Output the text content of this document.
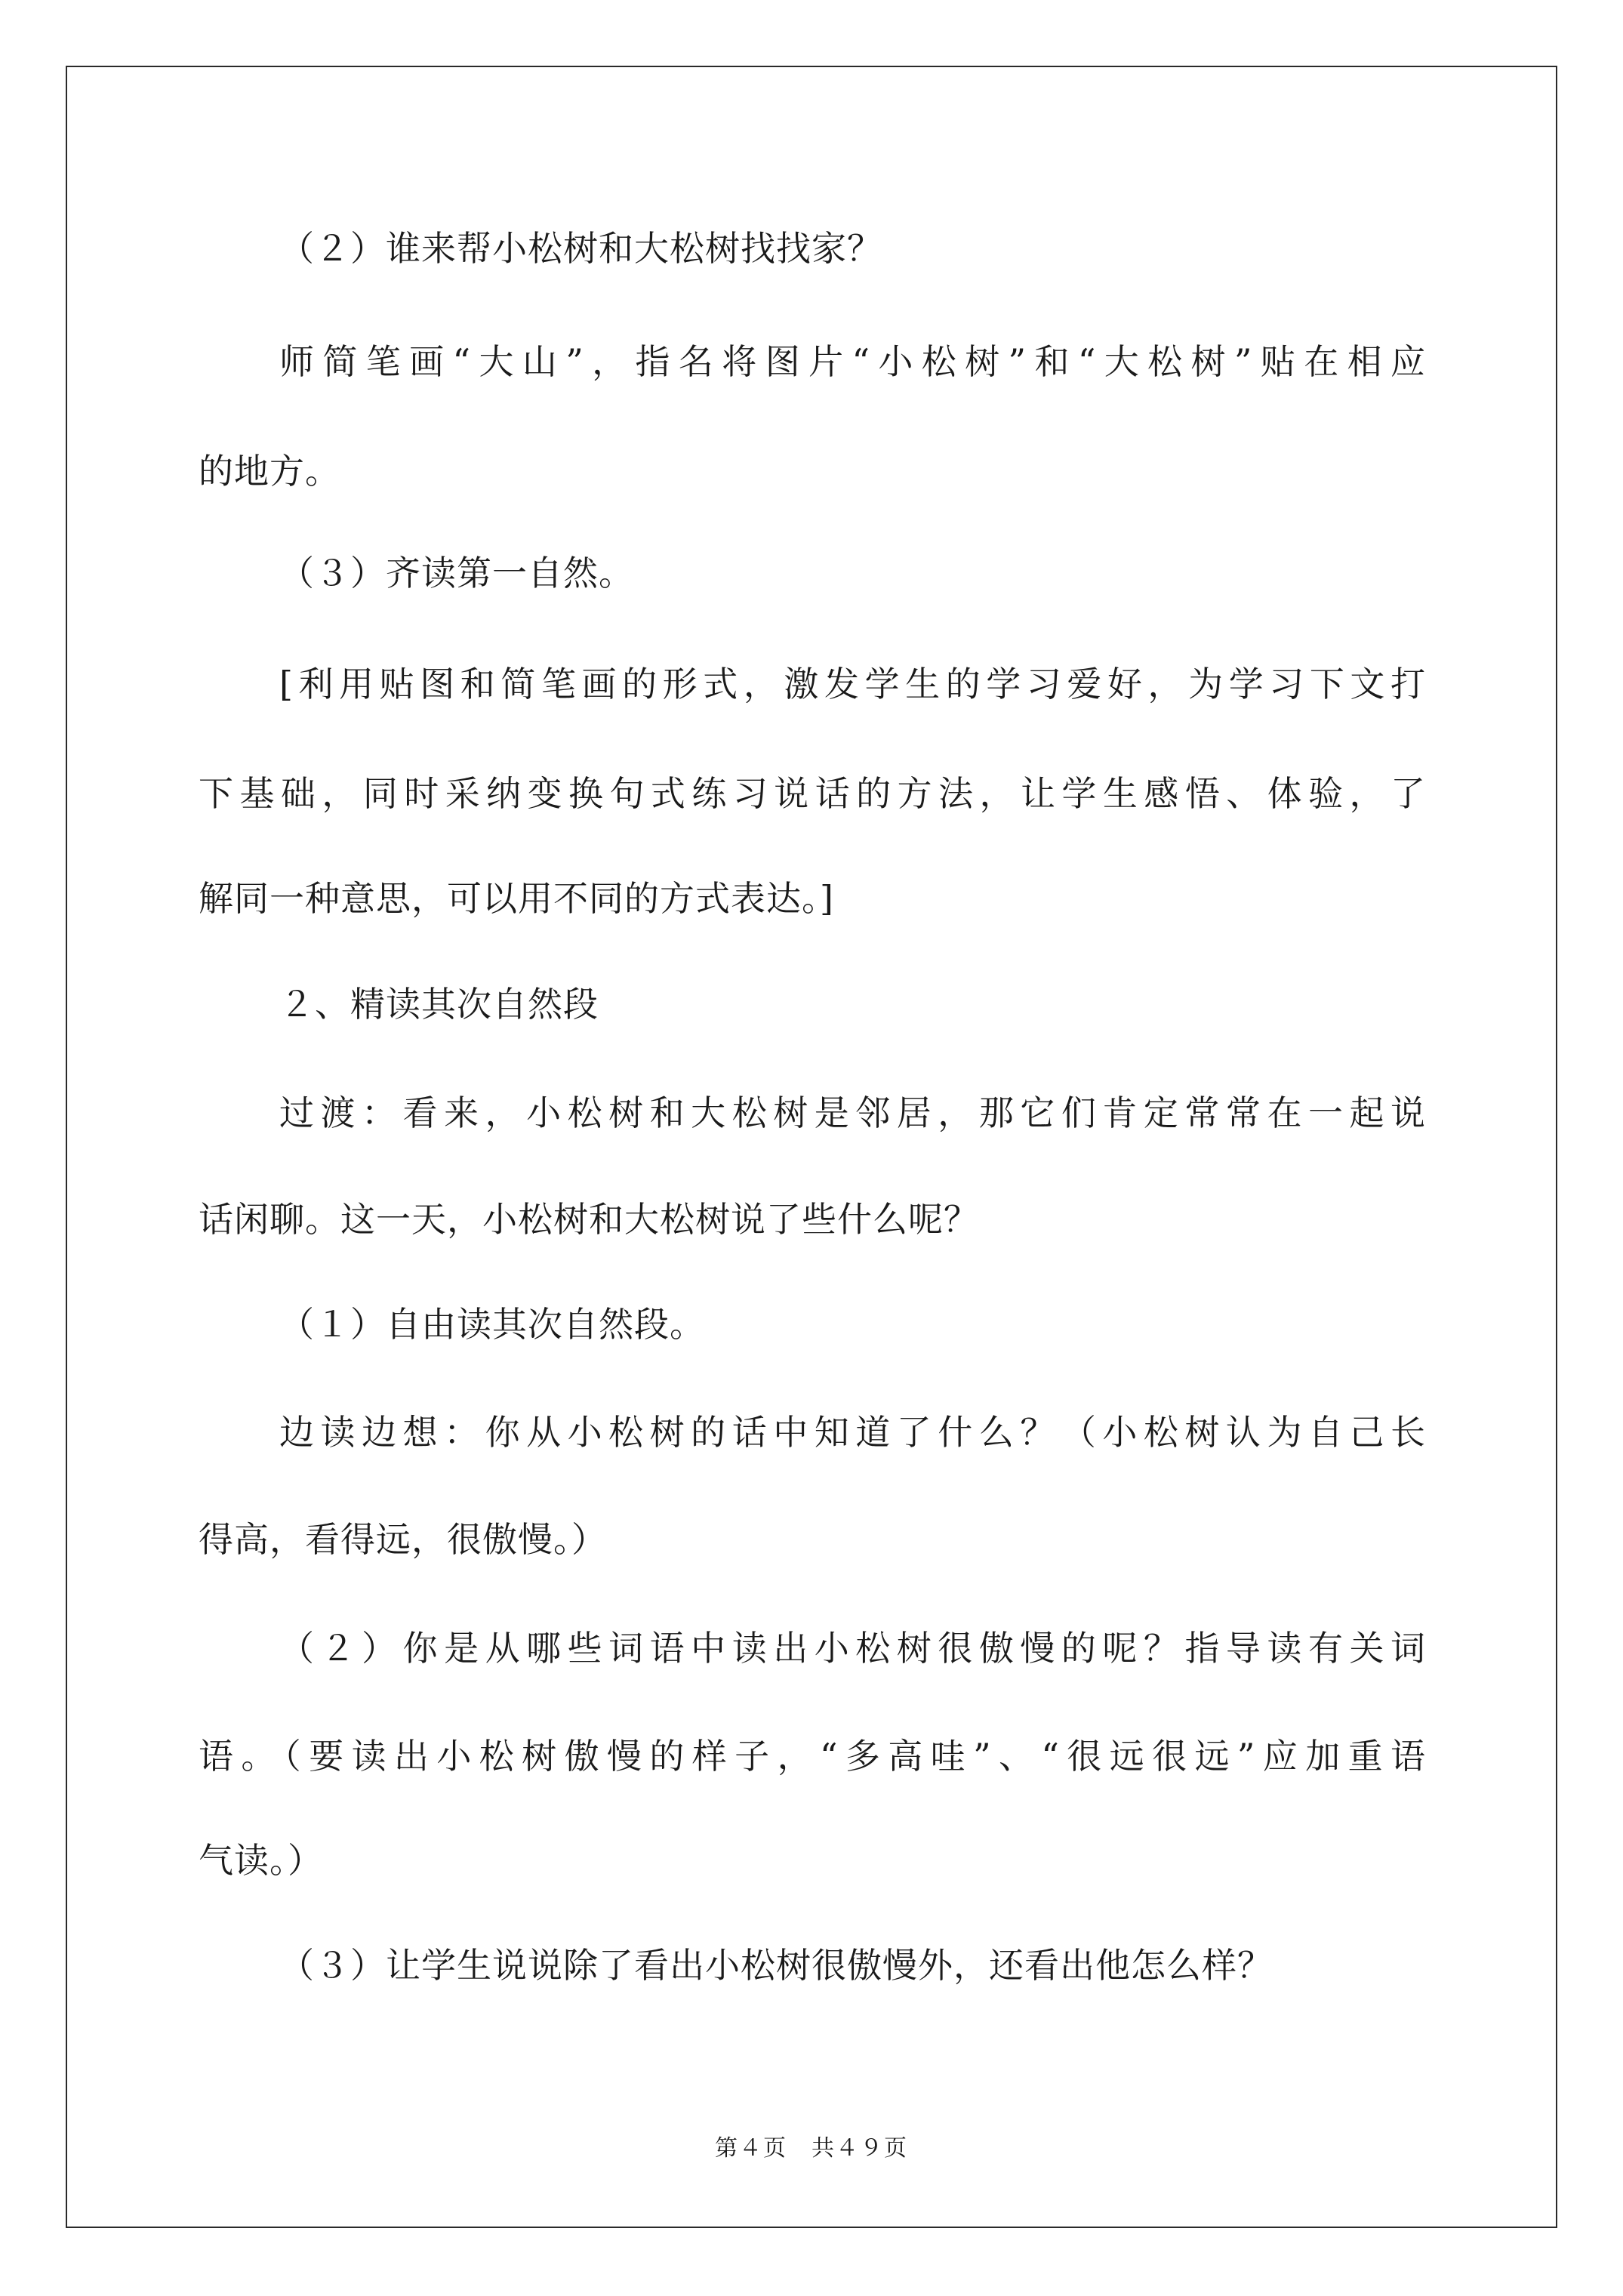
（２）谁来帮小松树和大松树找找家？
师简笔画“大山”，指名将图片“小松树”和“大松树”贴在相应
的地方。
（３）齐读第一自然。
[利用贴图和简笔画的形式，激发学生的学习爱好，为学习下文打
下基础，同时采纳变换句式练习说话的方法，让学生感悟、体验，了
解同一种意思，可以用不同的方式表达。]
２、精读其次自然段
过渡：看来，小松树和大松树是邻居，那它们肯定常常在一起说
话闲聊。这一天，小松树和大松树说了些什么呢？
（１）自由读其次自然段。
边读边想：你从小松树的话中知道了什么？（小松树认为自己长
得高，看得远，很傲慢。）
（２）你是从哪些词语中读出小松树很傲慢的呢？指导读有关词
语。（要读出小松树傲慢的样子，“多高哇”、“很远很远”应加重语
气读。）
（３）让学生说说除了看出小松树很傲慢外，还看出他怎么样？
第４页　共４９页
